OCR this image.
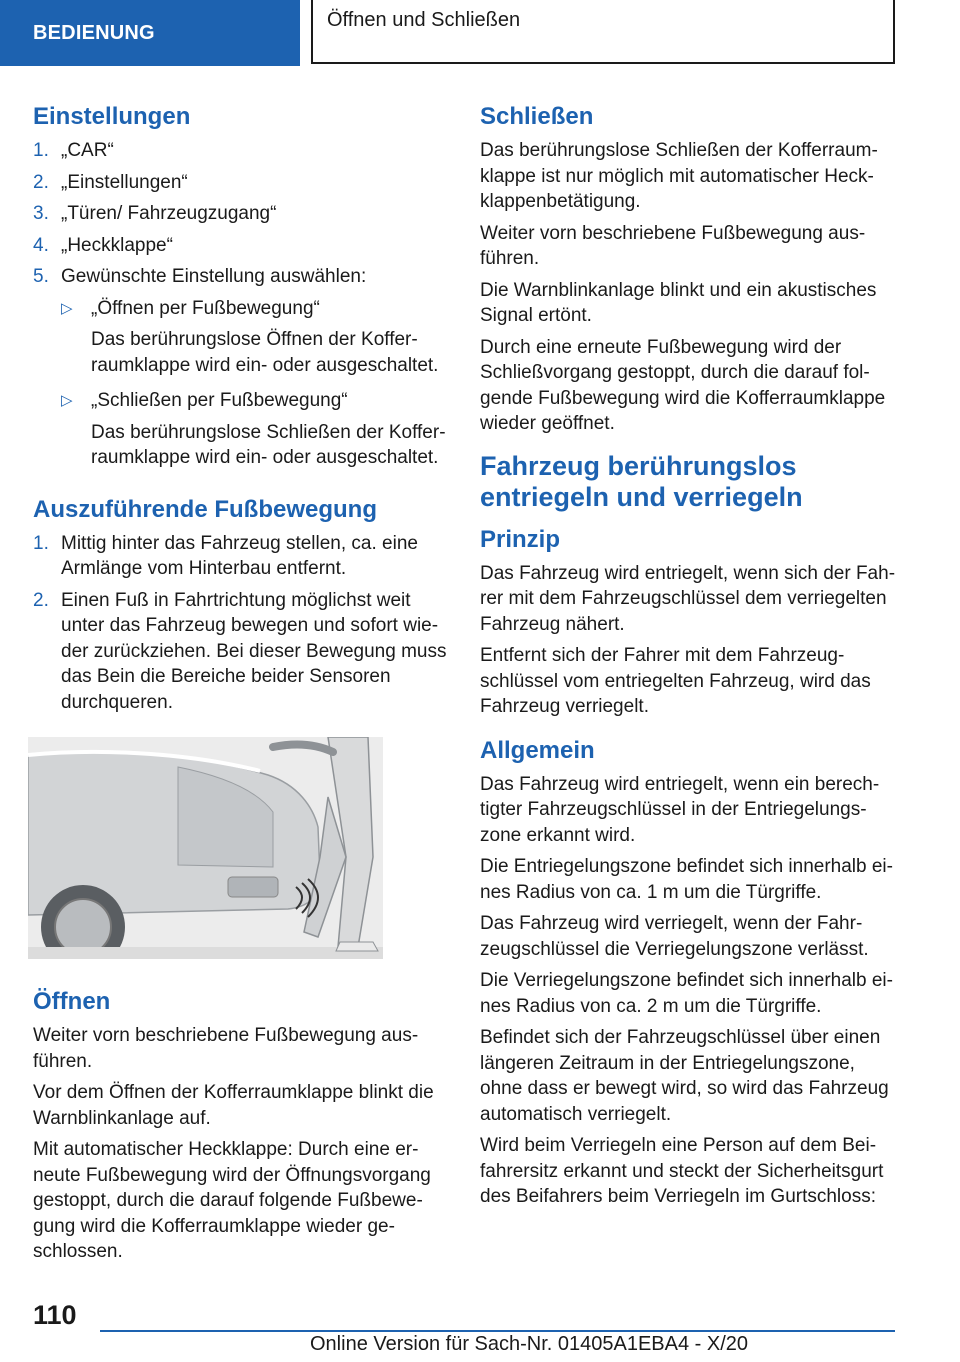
BEDIENUNG
Öffnen und Schließen
Einstellungen
1. „CAR“
2. „Einstellungen“
3. „Türen/ Fahrzeugzugang“
4. „Heckklappe“
5. Gewünschte Einstellung auswählen:
▷ „Öffnen per Fußbewegung“
Das berührungslose Öffnen der Kofferraumklappe wird ein- oder ausgeschaltet.
▷ „Schließen per Fußbewegung“
Das berührungslose Schließen der Kofferraumklappe wird ein- oder ausgeschaltet.
Auszuführende Fußbewegung
1. Mittig hinter das Fahrzeug stellen, ca. eine Armlänge vom Hinterbau entfernt.
2. Einen Fuß in Fahrtrichtung möglichst weit unter das Fahrzeug bewegen und sofort wieder zurückziehen. Bei dieser Bewegung muss das Bein die Bereiche beider Sensoren durchqueren.
Öffnen

Weiter vorn beschriebene Fußbewegung ausführen.

Vor dem Öffnen der Kofferraumklappe blinkt die Warnblinkanlage auf.

Mit automatischer Heckklappe: Durch eine erneute Fußbewegung wird der Öffnungsvorgang gestoppt, durch die darauf folgende Fußbewegung wird die Kofferraumklappe wieder geschlossen.

Schließen

Das berührungslose Schließen der Kofferraumklappe ist nur möglich mit automatischer Heckklappenbetätigung.

Weiter vorn beschriebene Fußbewegung ausführen.

Die Warnblinkanlage blinkt und ein akustisches Signal ertönt.

Durch eine erneute Fußbewegung wird der Schließvorgang gestoppt, durch die darauf folgende Fußbewegung wird die Kofferraumklappe wieder geöffnet.

Fahrzeug berührungslos entriegeln und verriegeln
Prinzip

Das Fahrzeug wird entriegelt, wenn sich der Fahrer mit dem Fahrzeugschlüssel dem verriegelten Fahrzeug nähert.

Entfernt sich der Fahrer mit dem Fahrzeugschlüssel vom entriegelten Fahrzeug, wird das Fahrzeug verriegelt.

Allgemein

Das Fahrzeug wird entriegelt, wenn ein berechtigter Fahrzeugschlüssel in der Entriegelungszone erkannt wird.

Die Entriegelungszone befindet sich innerhalb eines Radius von ca. 1 m um die Türgriffe.

Das Fahrzeug wird verriegelt, wenn der Fahrzeugschlüssel die Verriegelungszone verlässt.

Die Verriegelungszone befindet sich innerhalb eines Radius von ca. 2 m um die Türgriffe.

Befindet sich der Fahrzeugschlüssel über einen längeren Zeitraum in der Entriegelungszone, ohne dass er bewegt wird, so wird das Fahrzeug automatisch verriegelt.

Wird beim Verriegeln eine Person auf dem Beifahrersitz erkannt und steckt der Sicherheitsgurt des Beifahrers beim Verriegeln im Gurtschloss:

110
Online Version für Sach-Nr. 01405A1EBA4 - X/20
